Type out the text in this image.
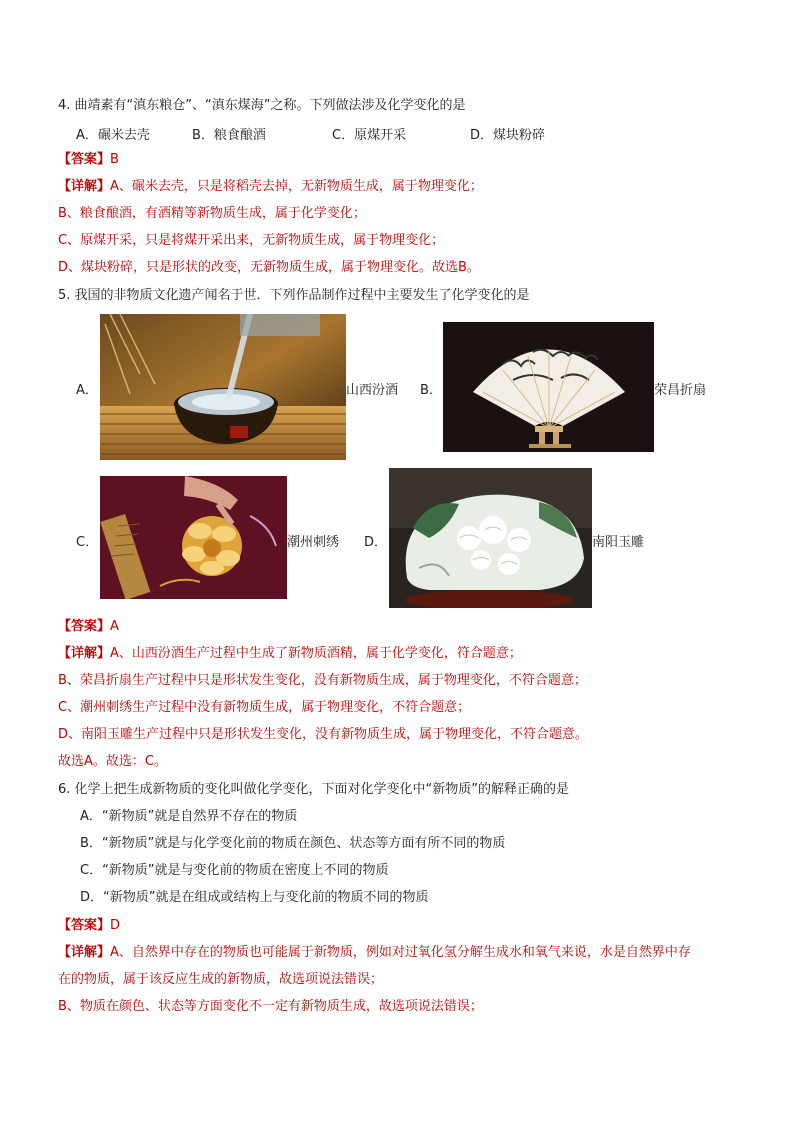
4. 曲靖素有“滇东粮仓”、“滇东煤海”之称。下列做法涉及化学变化的是
A．碾米去壳	B．粮食酿酒	C．原煤开采	D．煤块粉碎
【答案】B
【详解】A、碾米去壳，只是将稻壳去掉，无新物质生成，属于物理变化；
B、粮食酿酒，有酒精等新物质生成，属于化学变化；
C、原煤开采，只是将煤开采出来，无新物质生成，属于物理变化；
D、煤块粉碎，只是形状的改变，无新物质生成，属于物理变化。故选B。
5. 我国的非物质文化遗产闻名于世．下列作品制作过程中主要发生了化学变化的是
A．	山西汾酒 B．	荣昌折扇
C．	潮州刺绣 D．	南阳玉雕
【答案】A
【详解】A、山西汾酒生产过程中生成了新物质酒精，属于化学变化，符合题意；
B、荣昌折扇生产过程中只是形状发生变化，没有新物质生成，属于物理变化，不符合题意；
C、潮州刺绣生产过程中没有新物质生成，属于物理变化，不符合题意；
D、南阳玉雕生产过程中只是形状发生变化，没有新物质生成，属于物理变化，不符合题意。
故选A。故选：C。
6. 化学上把生成新物质的变化叫做化学变化，下面对化学变化中“新物质”的解释正确的是
A．“新物质”就是自然界不存在的物质
B．“新物质”就是与化学变化前的物质在颜色、状态等方面有所不同的物质
C．“新物质”就是与变化前的物质在密度上不同的物质
D．“新物质”就是在组成或结构上与变化前的物质不同的物质
【答案】D
【详解】A、自然界中存在的物质也可能属于新物质，例如对过氧化氢分解生成水和氧气来说，水是自然界中存
在的物质，属于该反应生成的新物质，故选项说法错误；
B、物质在颜色、状态等方面变化不一定有新物质生成，故选项说法错误；
